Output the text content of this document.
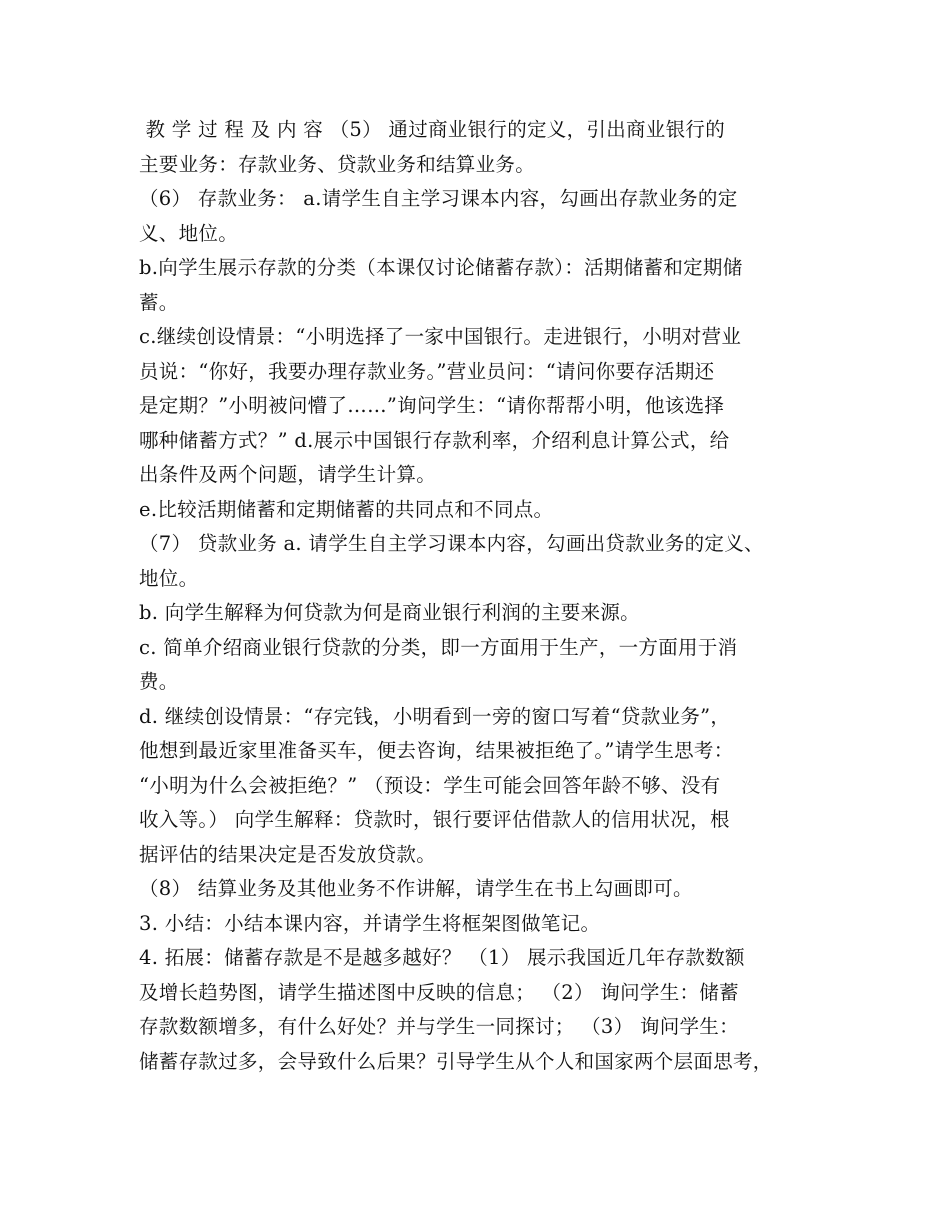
教 学 过 程 及 内 容 （5） 通过商业银行的定义，引出商业银行的
主要业务：存款业务、贷款业务和结算业务。
（6） 存款业务： a.请学生自主学习课本内容，勾画出存款业务的定
义、地位。
b.向学生展示存款的分类（本课仅讨论储蓄存款）：活期储蓄和定期储
蓄。
c.继续创设情景：“小明选择了一家中国银行。走进银行，小明对营业
员说：“你好，我要办理存款业务。”营业员问：“请问你要存活期还
是定期？”小明被问懵了……”询问学生：“请你帮帮小明，他该选择
哪种储蓄方式？” d.展示中国银行存款利率，介绍利息计算公式，给
出条件及两个问题，请学生计算。
e.比较活期储蓄和定期储蓄的共同点和不同点。
（7） 贷款业务 a. 请学生自主学习课本内容，勾画出贷款业务的定义、
地位。
b. 向学生解释为何贷款为何是商业银行利润的主要来源。
c. 简单介绍商业银行贷款的分类，即一方面用于生产，一方面用于消
费。
d. 继续创设情景：“存完钱，小明看到一旁的窗口写着“贷款业务”，
他想到最近家里准备买车，便去咨询，结果被拒绝了。”请学生思考：
“小明为什么会被拒绝？” （预设：学生可能会回答年龄不够、没有
收入等。） 向学生解释：贷款时，银行要评估借款人的信用状况，根
据评估的结果决定是否发放贷款。
（8） 结算业务及其他业务不作讲解，请学生在书上勾画即可。
3. 小结：小结本课内容，并请学生将框架图做笔记。
4. 拓展：储蓄存款是不是越多越好？ （1） 展示我国近几年存款数额
及增长趋势图，请学生描述图中反映的信息； （2） 询问学生：储蓄
存款数额增多，有什么好处？并与学生一同探讨； （3） 询问学生：
储蓄存款过多，会导致什么后果？引导学生从个人和国家两个层面思考，
